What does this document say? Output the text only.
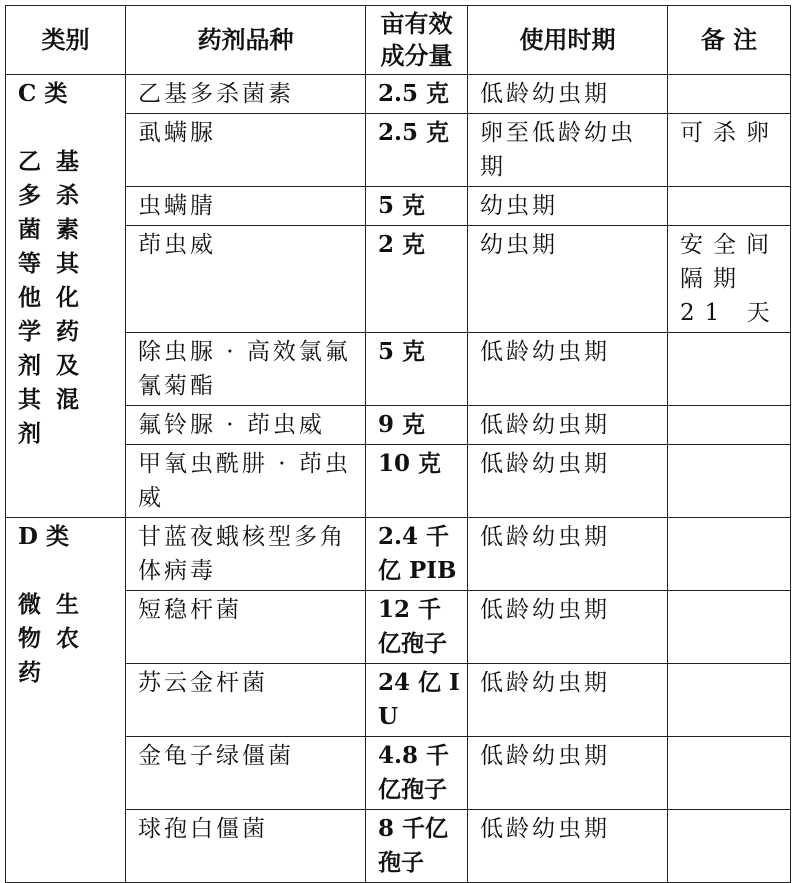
类别	药剂品种	亩有效成分量	使用时期	备 注

C 类
乙基多杀菌素等其他化学药剂及其混剂	乙基多杀菌素	2.5 克	低龄幼虫期	
	虱螨脲	2.5 克	卵至低龄幼虫期	可杀卵
	虫螨腈	5 克	幼虫期	
	茚虫威	2 克	幼虫期	安全间隔期 21 天
	除虫脲 · 高效氯氟氰菊酯	5 克	低龄幼虫期	
	氟铃脲 · 茚虫威	9 克	低龄幼虫期	
	甲氧虫酰肼 · 茚虫威	10 克	低龄幼虫期	

D 类
微生物农药	甘蓝夜蛾核型多角体病毒	2.4 千亿 PIB	低龄幼虫期	
	短稳杆菌	12 千亿孢子	低龄幼虫期	
	苏云金杆菌	24 亿 IU	低龄幼虫期	
	金龟子绿僵菌	4.8 千亿孢子	低龄幼虫期	
	球孢白僵菌	8 千亿孢子	低龄幼虫期	
